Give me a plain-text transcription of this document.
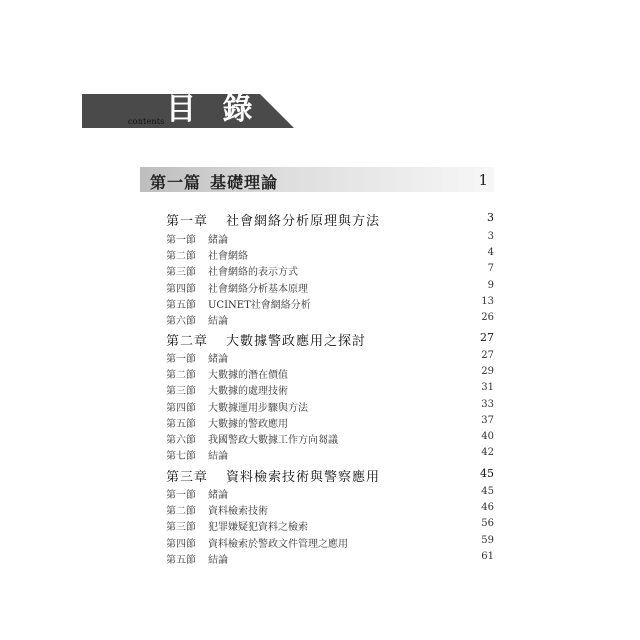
contents 目 錄
第一篇 基礎理論	1
第一章 社會網絡分析原理與方法	3
第一節 緒論	3
第二節 社會網絡	4
第三節 社會網絡的表示方式	7
第四節 社會網絡分析基本原理	9
第五節 UCINET社會網絡分析	13
第六節 結論	26
第二章 大數據警政應用之探討	27
第一節 緒論	27
第二節 大數據的潛在價值	29
第三節 大數據的處理技術	31
第四節 大數據運用步驟與方法	33
第五節 大數據的警政應用	37
第六節 我國警政大數據工作方向芻議	40
第七節 結論	42
第三章 資料檢索技術與警察應用	45
第一節 緒論	45
第二節 資料檢索技術	46
第三節 犯罪嫌疑犯資料之檢索	56
第四節 資料檢索於警政文件管理之應用	59
第五節 結論	61
